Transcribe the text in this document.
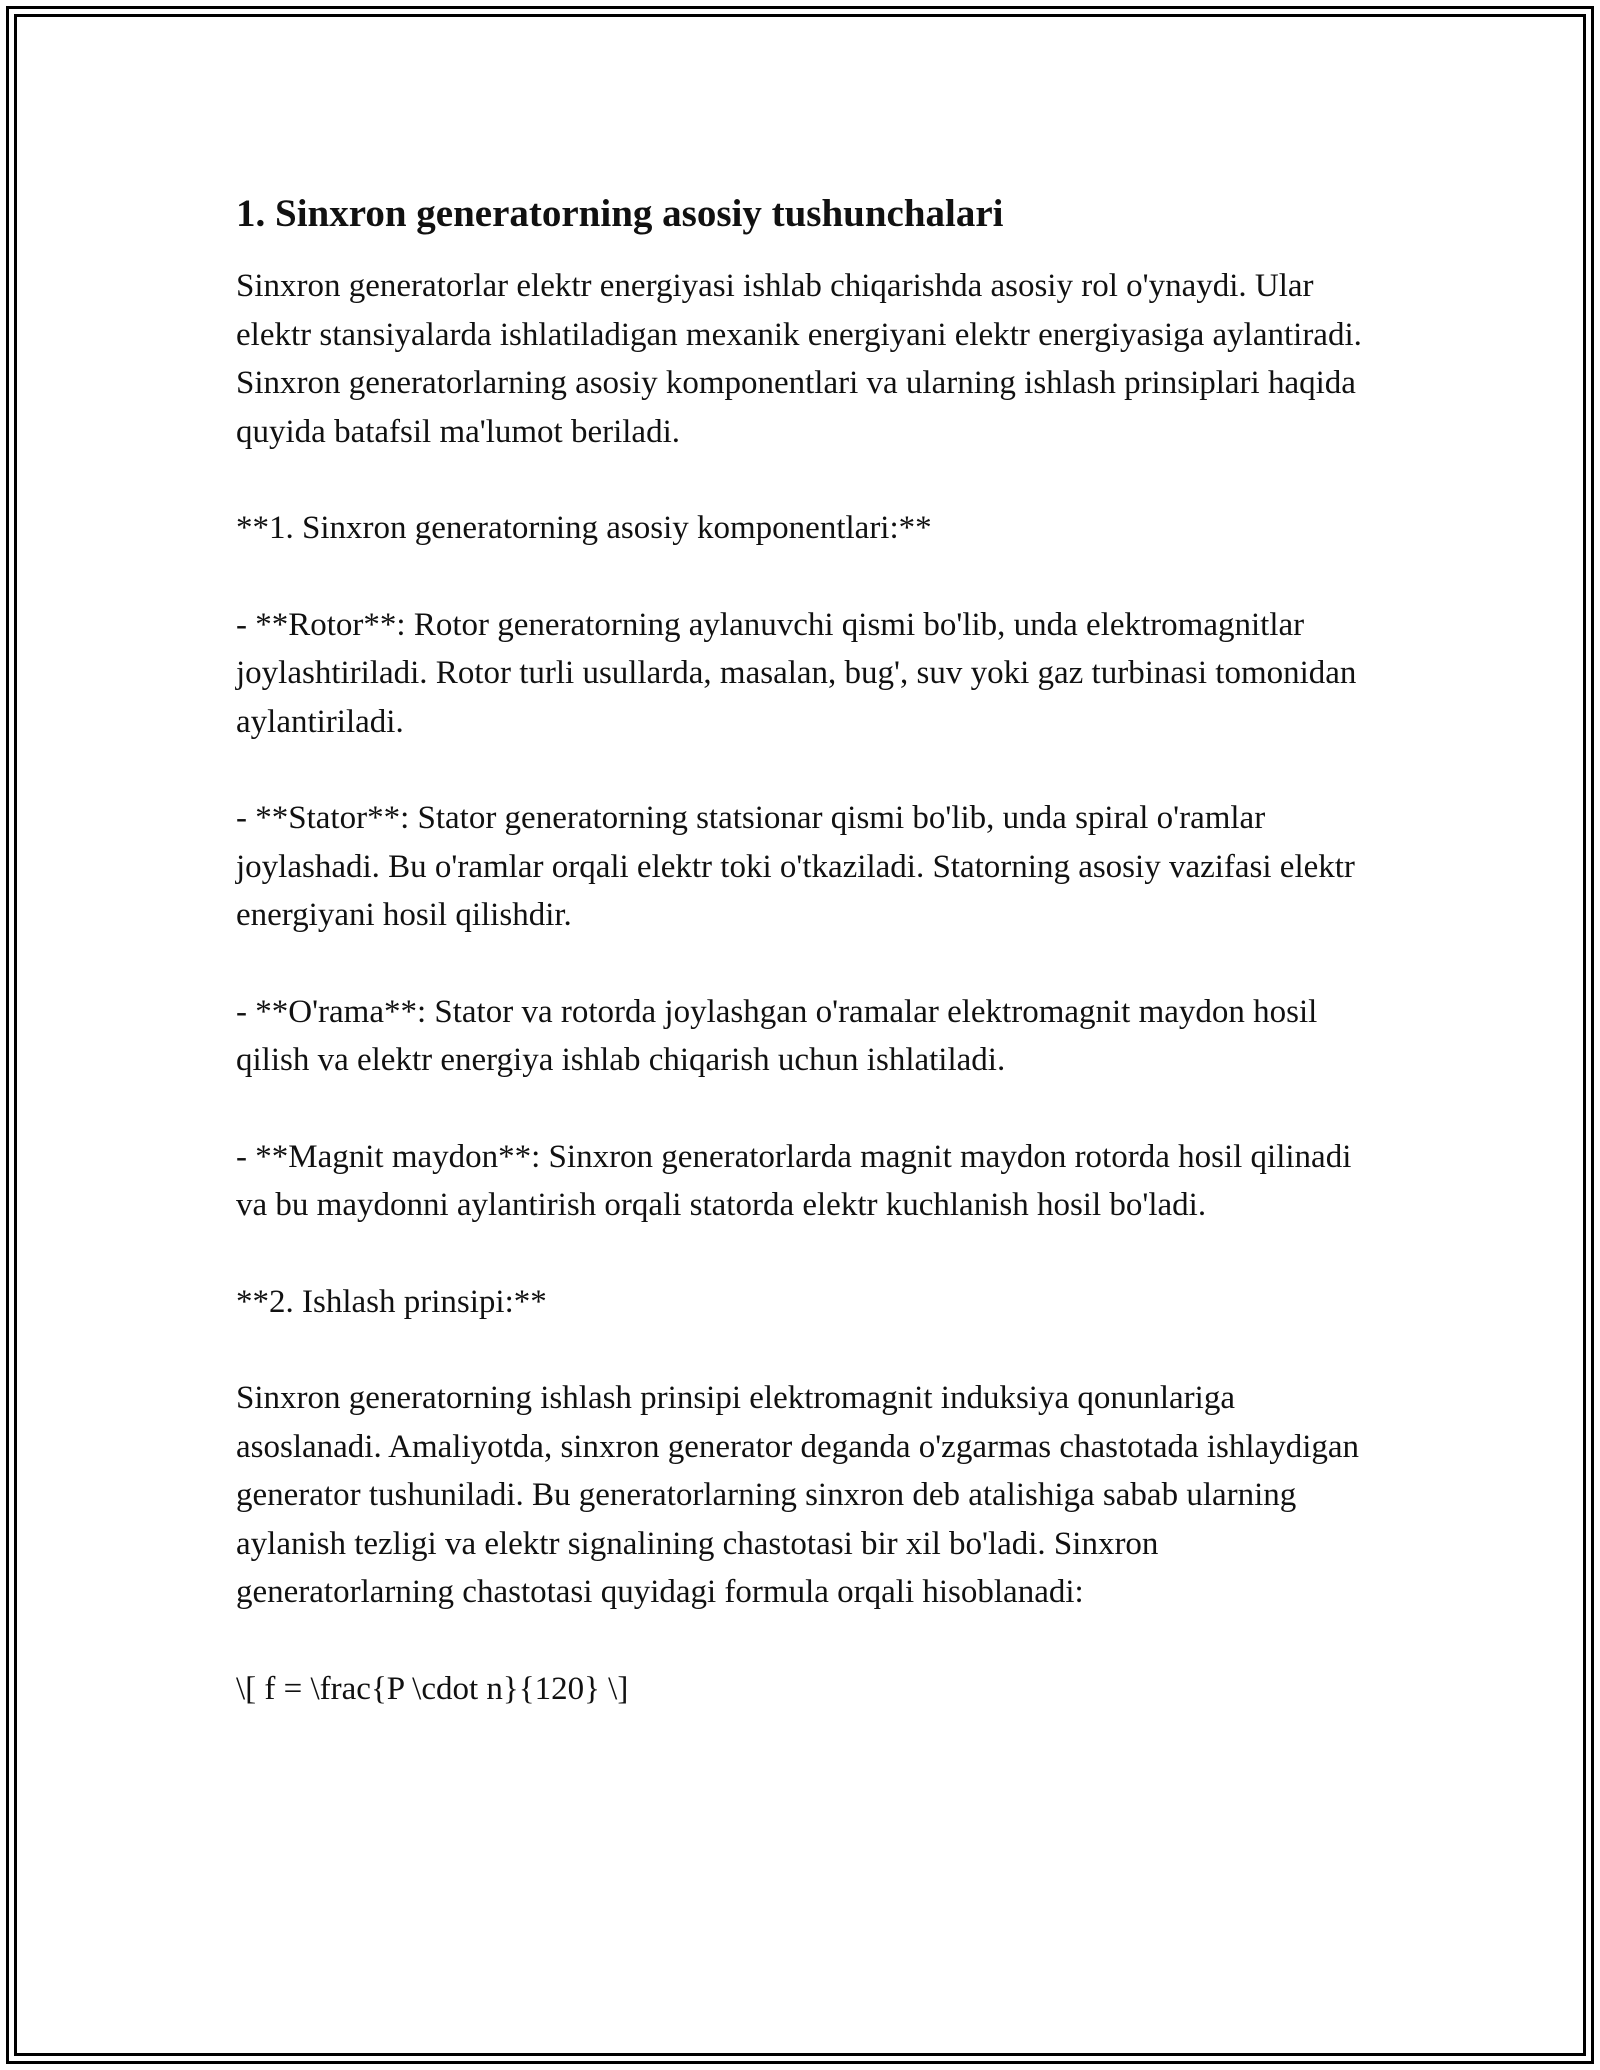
1. Sinxron generatorning asosiy tushunchalari

Sinxron generatorlar elektr energiyasi ishlab chiqarishda asosiy rol o'ynaydi. Ular elektr stansiyalarda ishlatiladigan mexanik energiyani elektr energiyasiga aylantiradi. Sinxron generatorlarning asosiy komponentlari va ularning ishlash prinsiplari haqida quyida batafsil ma'lumot beriladi.

**1. Sinxron generatorning asosiy komponentlari:**

- **Rotor**: Rotor generatorning aylanuvchi qismi bo'lib, unda elektromagnitlar joylashtiriladi. Rotor turli usullarda, masalan, bug', suv yoki gaz turbinasi tomonidan aylantiriladi.

- **Stator**: Stator generatorning statsionar qismi bo'lib, unda spiral o'ramlar joylashadi. Bu o'ramlar orqali elektr toki o'tkaziladi. Statorning asosiy vazifasi elektr energiyani hosil qilishdir.

- **O'rama**: Stator va rotorda joylashgan o'ramalar elektromagnit maydon hosil qilish va elektr energiya ishlab chiqarish uchun ishlatiladi.

- **Magnit maydon**: Sinxron generatorlarda magnit maydon rotorda hosil qilinadi va bu maydonni aylantirish orqali statorda elektr kuchlanish hosil bo'ladi.

**2. Ishlash prinsipi:**

Sinxron generatorning ishlash prinsipi elektromagnit induksiya qonunlariga asoslanadi. Amaliyotda, sinxron generator deganda o'zgarmas chastotada ishlaydigan generator tushuniladi. Bu generatorlarning sinxron deb atalishiga sabab ularning aylanish tezligi va elektr signalining chastotasi bir xil bo'ladi. Sinxron generatorlarning chastotasi quyidagi formula orqali hisoblanadi:

\[ f = \frac{P \cdot n}{120} \]
